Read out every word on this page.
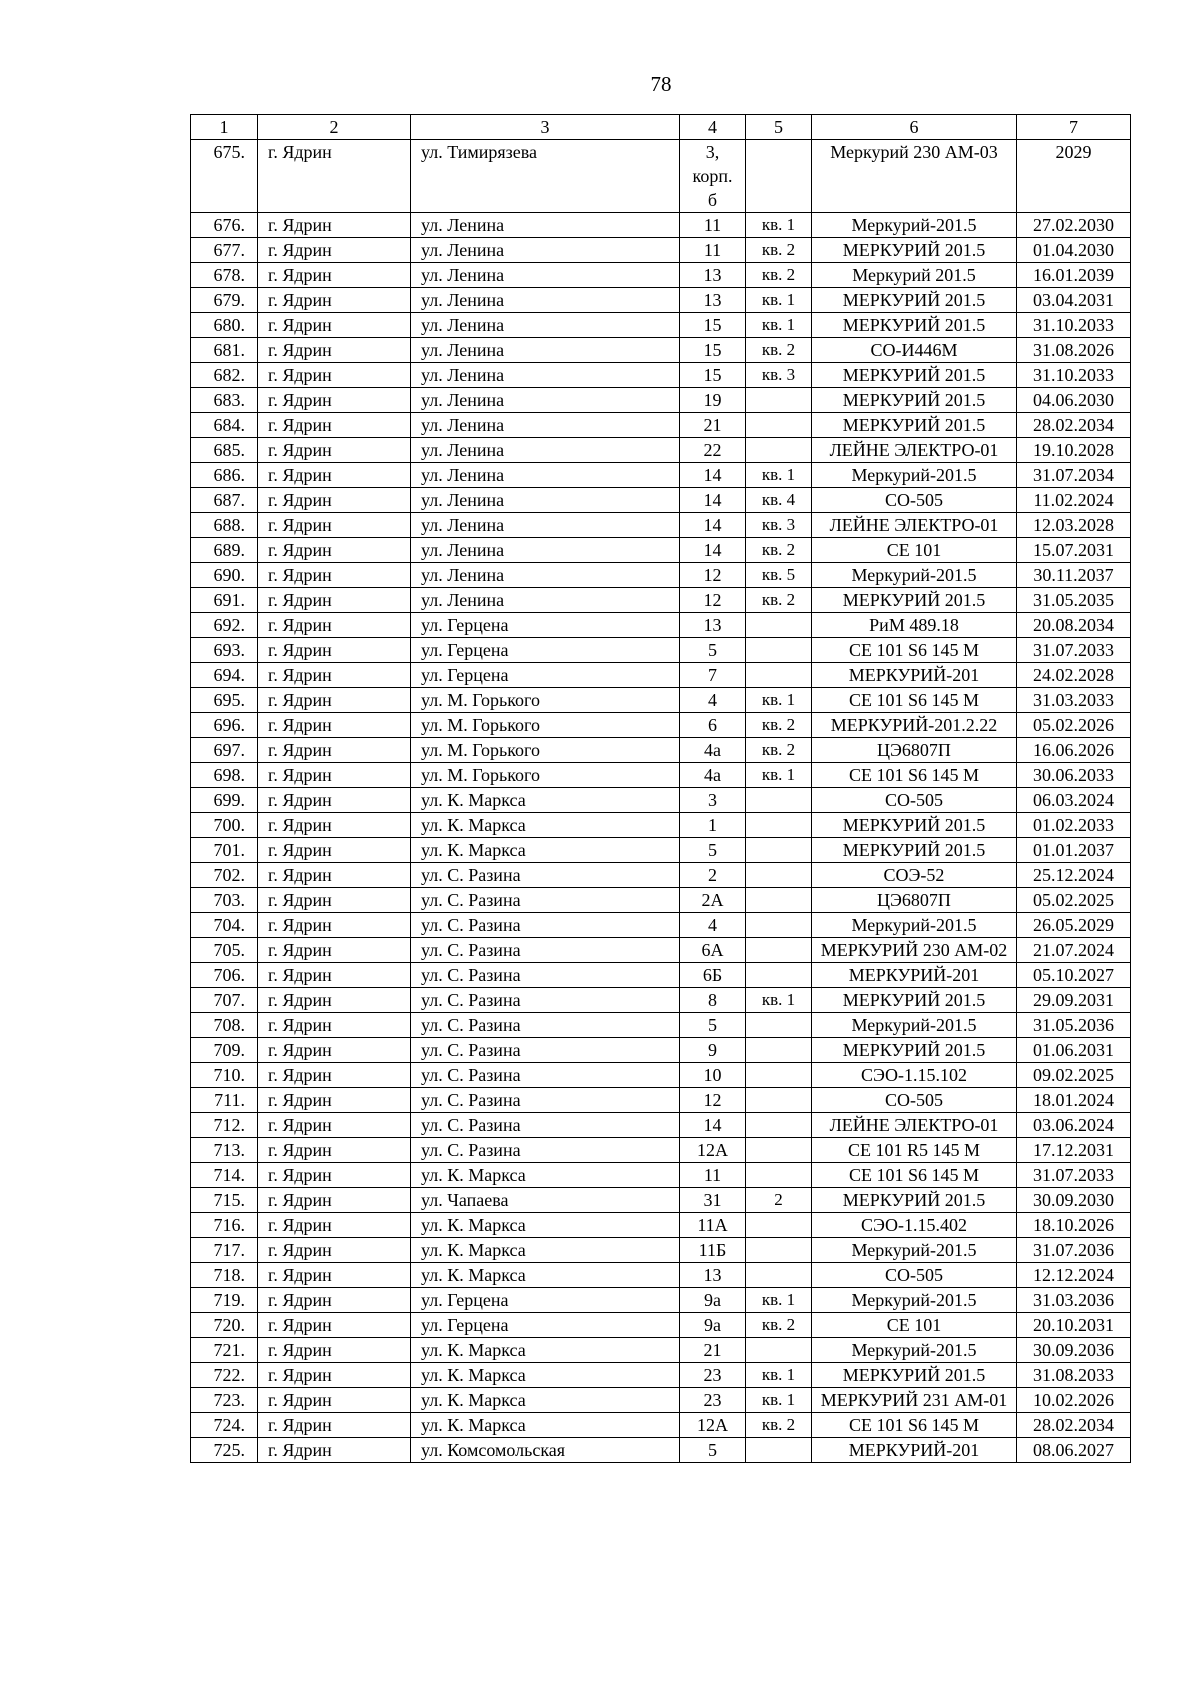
78
1	2	3	4	5	6	7
675.	г. Ядрин	ул. Тимирязева	3, корп. б		Меркурий 230 АМ-03	2029
676.	г. Ядрин	ул. Ленина	11	кв. 1	Меркурий-201.5	27.02.2030
677.	г. Ядрин	ул. Ленина	11	кв. 2	МЕРКУРИЙ 201.5	01.04.2030
678.	г. Ядрин	ул. Ленина	13	кв. 2	Меркурий 201.5	16.01.2039
679.	г. Ядрин	ул. Ленина	13	кв. 1	МЕРКУРИЙ 201.5	03.04.2031
680.	г. Ядрин	ул. Ленина	15	кв. 1	МЕРКУРИЙ 201.5	31.10.2033
681.	г. Ядрин	ул. Ленина	15	кв. 2	СО-И446М	31.08.2026
682.	г. Ядрин	ул. Ленина	15	кв. 3	МЕРКУРИЙ 201.5	31.10.2033
683.	г. Ядрин	ул. Ленина	19		МЕРКУРИЙ 201.5	04.06.2030
684.	г. Ядрин	ул. Ленина	21		МЕРКУРИЙ 201.5	28.02.2034
685.	г. Ядрин	ул. Ленина	22		ЛЕЙНЕ ЭЛЕКТРО-01	19.10.2028
686.	г. Ядрин	ул. Ленина	14	кв. 1	Меркурий-201.5	31.07.2034
687.	г. Ядрин	ул. Ленина	14	кв. 4	СО-505	11.02.2024
688.	г. Ядрин	ул. Ленина	14	кв. 3	ЛЕЙНЕ ЭЛЕКТРО-01	12.03.2028
689.	г. Ядрин	ул. Ленина	14	кв. 2	СЕ 101	15.07.2031
690.	г. Ядрин	ул. Ленина	12	кв. 5	Меркурий-201.5	30.11.2037
691.	г. Ядрин	ул. Ленина	12	кв. 2	МЕРКУРИЙ 201.5	31.05.2035
692.	г. Ядрин	ул. Герцена	13		РиМ 489.18	20.08.2034
693.	г. Ядрин	ул. Герцена	5		СЕ 101 S6 145 М	31.07.2033
694.	г. Ядрин	ул. Герцена	7		МЕРКУРИЙ-201	24.02.2028
695.	г. Ядрин	ул. М. Горького	4	кв. 1	СЕ 101 S6 145 М	31.03.2033
696.	г. Ядрин	ул. М. Горького	6	кв. 2	МЕРКУРИЙ-201.2.22	05.02.2026
697.	г. Ядрин	ул. М. Горького	4а	кв. 2	ЦЭ6807П	16.06.2026
698.	г. Ядрин	ул. М. Горького	4а	кв. 1	СЕ 101 S6 145 М	30.06.2033
699.	г. Ядрин	ул. К. Маркса	3		СО-505	06.03.2024
700.	г. Ядрин	ул. К. Маркса	1		МЕРКУРИЙ 201.5	01.02.2033
701.	г. Ядрин	ул. К. Маркса	5		МЕРКУРИЙ 201.5	01.01.2037
702.	г. Ядрин	ул. С. Разина	2		СОЭ-52	25.12.2024
703.	г. Ядрин	ул. С. Разина	2А		ЦЭ6807П	05.02.2025
704.	г. Ядрин	ул. С. Разина	4		Меркурий-201.5	26.05.2029
705.	г. Ядрин	ул. С. Разина	6А		МЕРКУРИЙ 230 АМ-02	21.07.2024
706.	г. Ядрин	ул. С. Разина	6Б		МЕРКУРИЙ-201	05.10.2027
707.	г. Ядрин	ул. С. Разина	8	кв. 1	МЕРКУРИЙ 201.5	29.09.2031
708.	г. Ядрин	ул. С. Разина	5		Меркурий-201.5	31.05.2036
709.	г. Ядрин	ул. С. Разина	9		МЕРКУРИЙ 201.5	01.06.2031
710.	г. Ядрин	ул. С. Разина	10		СЭО-1.15.102	09.02.2025
711.	г. Ядрин	ул. С. Разина	12		СО-505	18.01.2024
712.	г. Ядрин	ул. С. Разина	14		ЛЕЙНЕ ЭЛЕКТРО-01	03.06.2024
713.	г. Ядрин	ул. С. Разина	12А		СЕ 101 R5 145 М	17.12.2031
714.	г. Ядрин	ул. К. Маркса	11		СЕ 101 S6 145 М	31.07.2033
715.	г. Ядрин	ул. Чапаева	31	2	МЕРКУРИЙ 201.5	30.09.2030
716.	г. Ядрин	ул. К. Маркса	11А		СЭО-1.15.402	18.10.2026
717.	г. Ядрин	ул. К. Маркса	11Б		Меркурий-201.5	31.07.2036
718.	г. Ядрин	ул. К. Маркса	13		СО-505	12.12.2024
719.	г. Ядрин	ул. Герцена	9а	кв. 1	Меркурий-201.5	31.03.2036
720.	г. Ядрин	ул. Герцена	9а	кв. 2	СЕ 101	20.10.2031
721.	г. Ядрин	ул. К. Маркса	21		Меркурий-201.5	30.09.2036
722.	г. Ядрин	ул. К. Маркса	23	кв. 1	МЕРКУРИЙ 201.5	31.08.2033
723.	г. Ядрин	ул. К. Маркса	23	кв. 1	МЕРКУРИЙ 231 АМ-01	10.02.2026
724.	г. Ядрин	ул. К. Маркса	12А	кв. 2	СЕ 101 S6 145 М	28.02.2034
725.	г. Ядрин	ул. Комсомольская	5		МЕРКУРИЙ-201	08.06.2027
